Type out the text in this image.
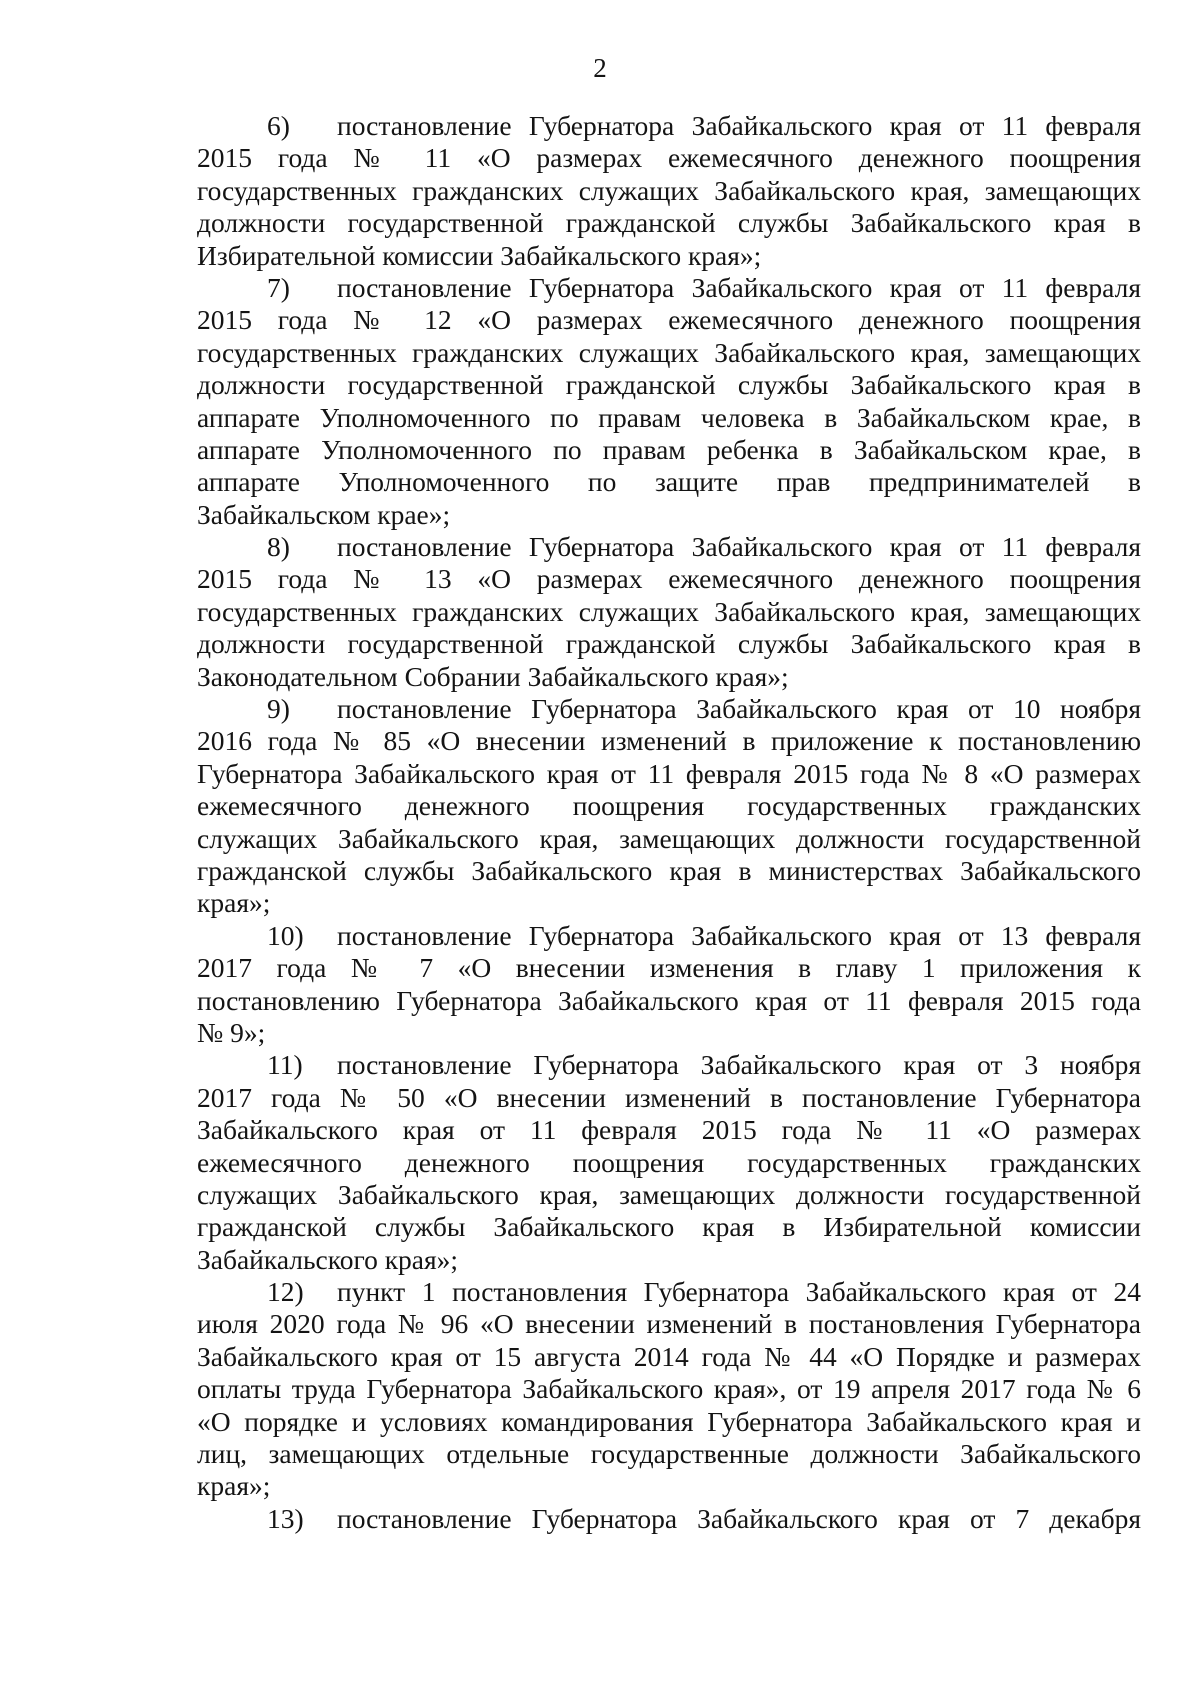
2
6) постановление Губернатора Забайкальского края от 11 февраля
2015 года № 11 «О размерах ежемесячного денежного поощрения
государственных гражданских служащих Забайкальского края, замещающих
должности государственной гражданской службы Забайкальского края в
Избирательной комиссии Забайкальского края»;
7) постановление Губернатора Забайкальского края от 11 февраля
2015 года № 12 «О размерах ежемесячного денежного поощрения
государственных гражданских служащих Забайкальского края, замещающих
должности государственной гражданской службы Забайкальского края в
аппарате Уполномоченного по правам человека в Забайкальском крае, в
аппарате Уполномоченного по правам ребенка в Забайкальском крае, в
аппарате Уполномоченного по защите прав предпринимателей в
Забайкальском крае»;
8) постановление Губернатора Забайкальского края от 11 февраля
2015 года № 13 «О размерах ежемесячного денежного поощрения
государственных гражданских служащих Забайкальского края, замещающих
должности государственной гражданской службы Забайкальского края в
Законодательном Собрании Забайкальского края»;
9) постановление Губернатора Забайкальского края от 10 ноября
2016 года № 85 «О внесении изменений в приложение к постановлению
Губернатора Забайкальского края от 11 февраля 2015 года № 8 «О размерах
ежемесячного денежного поощрения государственных гражданских
служащих Забайкальского края, замещающих должности государственной
гражданской службы Забайкальского края в министерствах Забайкальского
края»;
10) постановление Губернатора Забайкальского края от 13 февраля
2017 года № 7 «О внесении изменения в главу 1 приложения к
постановлению Губернатора Забайкальского края от 11 февраля 2015 года
№ 9»;
11) постановление Губернатора Забайкальского края от 3 ноября
2017 года № 50 «О внесении изменений в постановление Губернатора
Забайкальского края от 11 февраля 2015 года № 11 «О размерах
ежемесячного денежного поощрения государственных гражданских
служащих Забайкальского края, замещающих должности государственной
гражданской службы Забайкальского края в Избирательной комиссии
Забайкальского края»;
12) пункт 1 постановления Губернатора Забайкальского края от 24
июля 2020 года № 96 «О внесении изменений в постановления Губернатора
Забайкальского края от 15 августа 2014 года № 44 «О Порядке и размерах
оплаты труда Губернатора Забайкальского края», от 19 апреля 2017 года № 6
«О порядке и условиях командирования Губернатора Забайкальского края и
лиц, замещающих отдельные государственные должности Забайкальского
края»;
13) постановление Губернатора Забайкальского края от 7 декабря
